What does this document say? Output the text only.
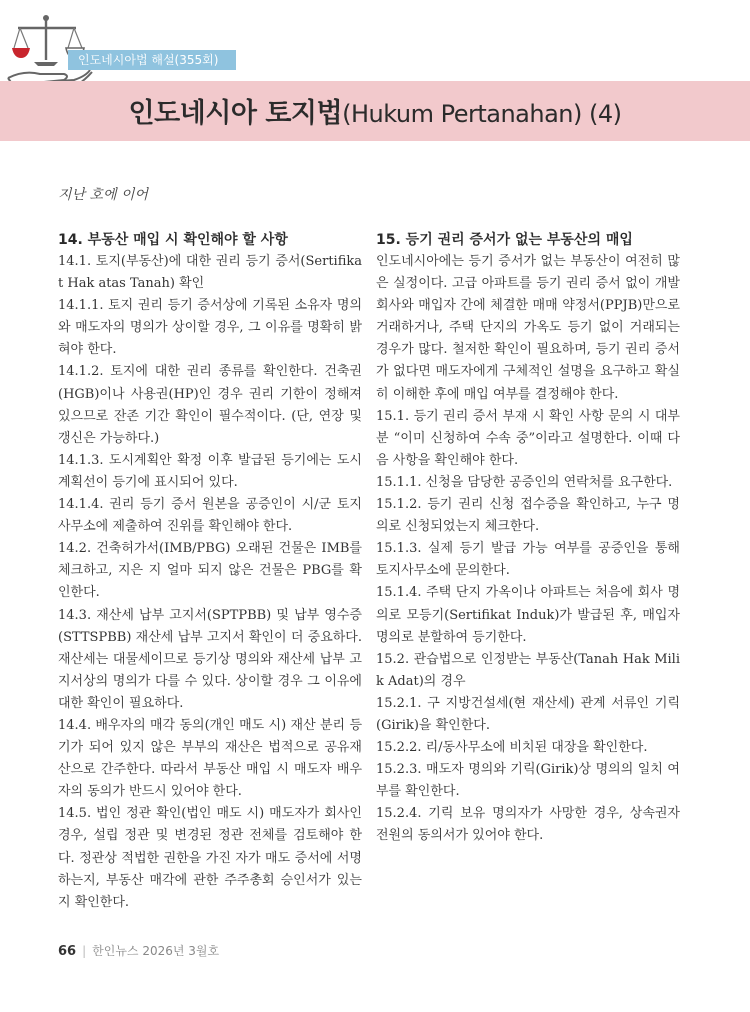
인도네시아법 해설(355회)
인도네시아 토지법(Hukum Pertanahan) (4)
지난 호에 이어
14. 부동산 매입 시 확인해야 할 사항

14.1. 토지(부동산)에 대한 권리 등기 증서(Sertifikat Hak atas Tanah) 확인

14.1.1. 토지 권리 등기 증서상에 기록된 소유자 명의와 매도자의 명의가 상이할 경우, 그 이유를 명확히 밝혀야 한다.

14.1.2. 토지에 대한 권리 종류를 확인한다. 건축권(HGB)이나 사용권(HP)인 경우 권리 기한이 정해져 있으므로 잔존 기간 확인이 필수적이다. (단, 연장 및 갱신은 가능하다.)

14.1.3. 도시계획안 확정 이후 발급된 등기에는 도시계획선이 등기에 표시되어 있다.

14.1.4. 권리 등기 증서 원본을 공증인이 시/군 토지사무소에 제출하여 진위를 확인해야 한다.

14.2. 건축허가서(IMB/PBG) 오래된 건물은 IMB를 체크하고, 지은 지 얼마 되지 않은 건물은 PBG를 확인한다.

14.3. 재산세 납부 고지서(SPTPBB) 및 납부 영수증(STTSPBB) 재산세 납부 고지서 확인이 더 중요하다. 재산세는 대물세이므로 등기상 명의와 재산세 납부 고지서상의 명의가 다를 수 있다. 상이할 경우 그 이유에 대한 확인이 필요하다.

14.4. 배우자의 매각 동의(개인 매도 시) 재산 분리 등기가 되어 있지 않은 부부의 재산은 법적으로 공유재산으로 간주한다. 따라서 부동산 매입 시 매도자 배우자의 동의가 반드시 있어야 한다.

14.5. 법인 정관 확인(법인 매도 시) 매도자가 회사인 경우, 설립 정관 및 변경된 정관 전체를 검토해야 한다. 정관상 적법한 권한을 가진 자가 매도 증서에 서명하는지, 부동산 매각에 관한 주주총회 승인서가 있는지 확인한다.

15. 등기 권리 증서가 없는 부동산의 매입

인도네시아에는 등기 증서가 없는 부동산이 여전히 많은 실정이다. 고급 아파트를 등기 권리 증서 없이 개발회사와 매입자 간에 체결한 매매 약정서(PPJB)만으로 거래하거나, 주택 단지의 가옥도 등기 없이 거래되는 경우가 많다. 철저한 확인이 필요하며, 등기 권리 증서가 없다면 매도자에게 구체적인 설명을 요구하고 확실히 이해한 후에 매입 여부를 결정해야 한다.

15.1. 등기 권리 증서 부재 시 확인 사항 문의 시 대부분 “이미 신청하여 수속 중”이라고 설명한다. 이때 다음 사항을 확인해야 한다.

15.1.1. 신청을 담당한 공증인의 연락처를 요구한다.

15.1.2. 등기 권리 신청 접수증을 확인하고, 누구 명의로 신청되었는지 체크한다.

15.1.3. 실제 등기 발급 가능 여부를 공증인을 통해 토지사무소에 문의한다.

15.1.4. 주택 단지 가옥이나 아파트는 처음에 회사 명의로 모등기(Sertifikat Induk)가 발급된 후, 매입자 명의로 분할하여 등기한다.

15.2. 관습법으로 인정받는 부동산(Tanah Hak Milik Adat)의 경우

15.2.1. 구 지방건설세(현 재산세) 관계 서류인 기릭(Girik)을 확인한다.

15.2.2. 리/동사무소에 비치된 대장을 확인한다.

15.2.3. 매도자 명의와 기릭(Girik)상 명의의 일치 여부를 확인한다.

15.2.4. 기릭 보유 명의자가 사망한 경우, 상속권자 전원의 동의서가 있어야 한다.

66 | 한인뉴스 2026년 3월호
